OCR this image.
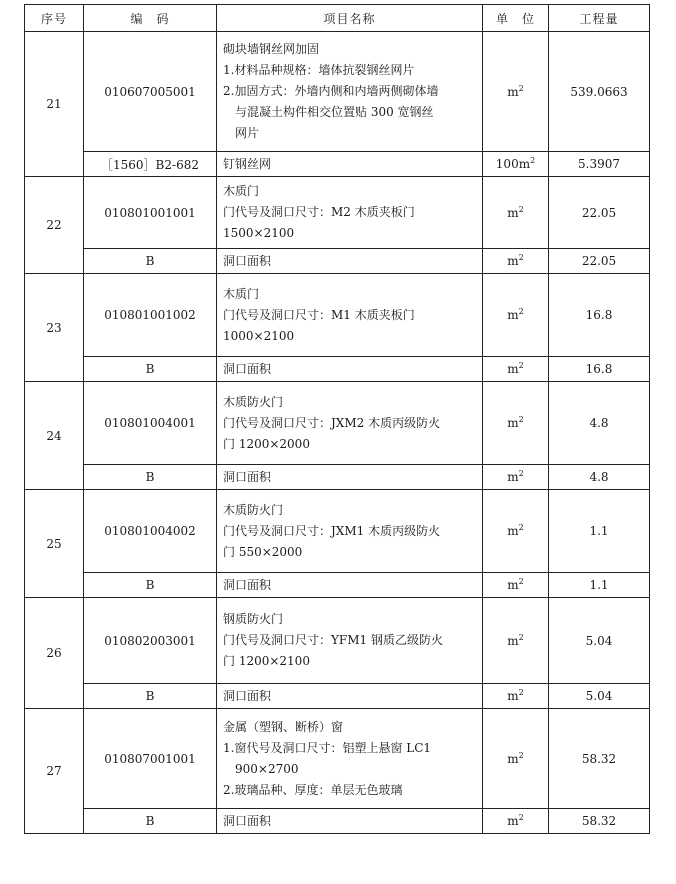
序号	编　码	项目名称	单　位	工程量
21	010607005001	砌块墙钢丝网加固
1.材料品种规格：墙体抗裂钢丝网片
2.加固方式：外墙内侧和内墙两侧砌体墙
与混凝土构件相交位置贴 300 宽钢丝
网片	$m^2$	539.0663
	［1560］B2-682	钉钢丝网	$100m^2$	5.3907
22	010801001001	木质门
门代号及洞口尺寸：M2 木质夹板门
1500×2100	$m^2$	22.05
	B	洞口面积	$m^2$	22.05
23	010801001002	木质门
门代号及洞口尺寸：M1 木质夹板门
1000×2100	$m^2$	16.8
	B	洞口面积	$m^2$	16.8
24	010801004001	木质防火门
门代号及洞口尺寸：JXM2 木质丙级防火
门 1200×2000	$m^2$	4.8
	B	洞口面积	$m^2$	4.8
25	010801004002	木质防火门
门代号及洞口尺寸：JXM1 木质丙级防火
门 550×2000	$m^2$	1.1
	B	洞口面积	$m^2$	1.1
26	010802003001	钢质防火门
门代号及洞口尺寸：YFM1 钢质乙级防火
门 1200×2100	$m^2$	5.04
	B	洞口面积	$m^2$	5.04
27	010807001001	金属（塑钢、断桥）窗
1.窗代号及洞口尺寸：铝塑上悬窗 LC1
900×2700
2.玻璃品种、厚度：单层无色玻璃	$m^2$	58.32
	B	洞口面积	$m^2$	58.32
